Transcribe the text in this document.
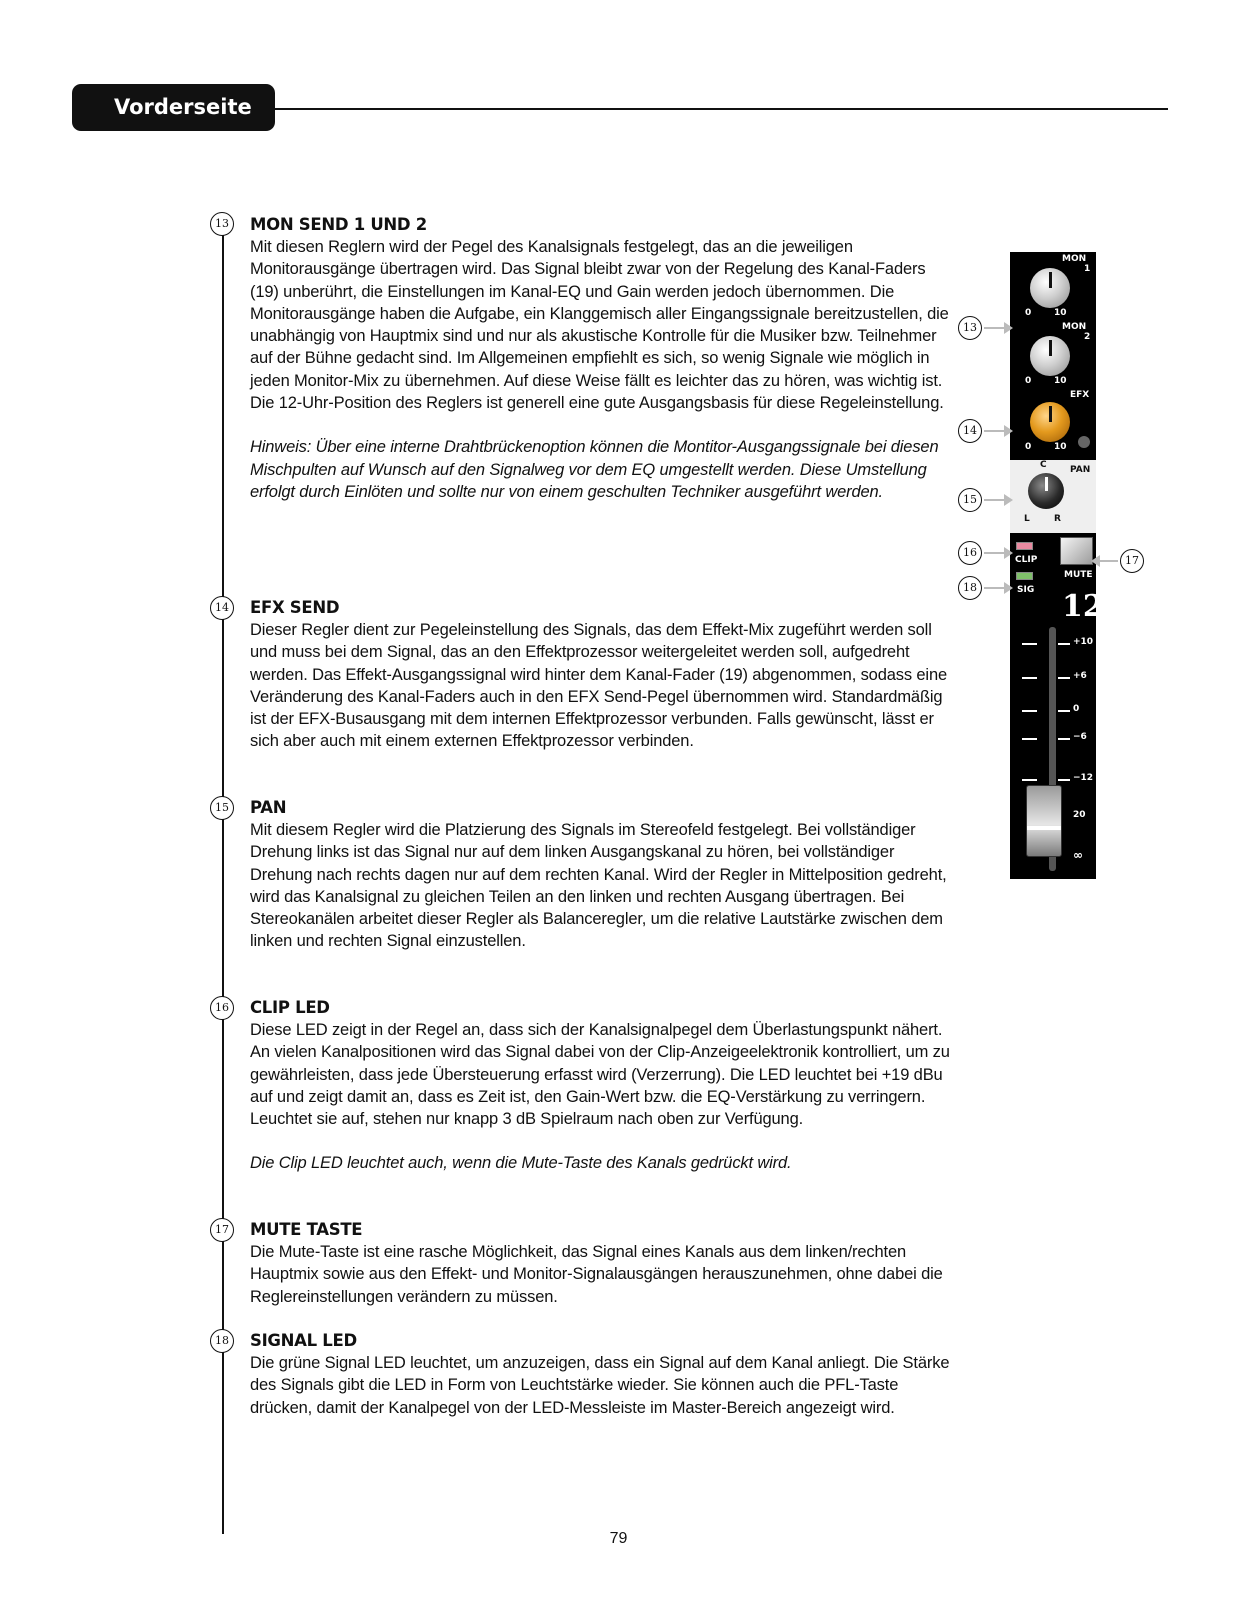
Vorderseite
13
14
15
16
17
18
MON SEND 1 UND 2

Mit diesen Reglern wird der Pegel des Kanalsignals festgelegt, das an die jeweiligen Monitorausgänge übertragen wird. Das Signal bleibt zwar von der Regelung des Kanal-Faders (19) unberührt, die Einstellungen im Kanal-EQ und Gain werden jedoch übernommen. Die Monitorausgänge haben die Aufgabe, ein Klanggemisch aller Eingangssignale bereitzustellen, die unabhängig von Hauptmix sind und nur als akustische Kontrolle für die Musiker bzw. Teilnehmer auf der Bühne gedacht sind. Im Allgemeinen empfiehlt es sich, so wenig Signale wie möglich in jeden Monitor-Mix zu übernehmen. Auf diese Weise fällt es leichter das zu hören, was wichtig ist. Die 12-Uhr-Position des Reglers ist generell eine gute Ausgangsbasis für diese Regeleinstellung.

Hinweis: Über eine interne Drahtbrückenoption können die Montitor-Ausgangssignale bei diesen Mischpulten auf Wunsch auf den Signalweg vor dem EQ umgestellt werden. Diese Umstellung erfolgt durch Einlöten und sollte nur von einem geschulten Techniker ausgeführt werden.

EFX SEND

Dieser Regler dient zur Pegeleinstellung des Signals, das dem Effekt-Mix zugeführt werden soll und muss bei dem Signal, das an den Effektprozessor weitergeleitet werden soll, aufgedreht werden. Das Effekt-Ausgangssignal wird hinter dem Kanal-Fader (19) abgenommen, sodass eine Veränderung des Kanal-Faders auch in den EFX Send-Pegel übernommen wird. Standardmäßig ist der EFX-Busausgang mit dem internen Effektprozessor verbunden. Falls gewünscht, lässt er sich aber auch mit einem externen Effektprozessor verbinden.

PAN

Mit diesem Regler wird die Platzierung des Signals im Stereofeld festgelegt. Bei vollständiger Drehung links ist das Signal nur auf dem linken Ausgangskanal zu hören, bei vollständiger Drehung nach rechts dagen nur auf dem rechten Kanal. Wird der Regler in Mittelposition gedreht, wird das Kanalsignal zu gleichen Teilen an den linken und rechten Ausgang übertragen. Bei Stereokanälen arbeitet dieser Regler als Balanceregler, um die relative Lautstärke zwischen dem linken und rechten Signal einzustellen.

CLIP LED

Diese LED zeigt in der Regel an, dass sich der Kanalsignalpegel dem Überlastungspunkt nähert. An vielen Kanalpositionen wird das Signal dabei von der Clip-Anzeigeelektronik kontrolliert, um zu gewährleisten, dass jede Übersteuerung erfasst wird (Verzerrung). Die LED leuchtet bei +19 dBu auf und zeigt damit an, dass es Zeit ist, den Gain-Wert bzw. die EQ-Verstärkung zu verringern. Leuchtet sie auf, stehen nur knapp 3 dB Spielraum nach oben zur Verfügung.

Die Clip LED leuchtet auch, wenn die Mute-Taste des Kanals gedrückt wird.

MUTE TASTE

Die Mute-Taste ist eine rasche Möglichkeit, das Signal eines Kanals aus dem linken/rechten Hauptmix sowie aus den Effekt- und Monitor-Signalausgängen herauszunehmen, ohne dabei die Reglereinstellungen verändern zu müssen.

SIGNAL LED

Die grüne Signal LED leuchtet, um anzuzeigen, dass ein Signal auf dem Kanal anliegt. Die Stärke des Signals gibt die LED in Form von Leuchtstärke wieder. Sie können auch die PFL-Taste drücken, damit der Kanalpegel von der LED-Messleiste im Master-Bereich angezeigt wird.

MON
1
0	10
MON
2
0	10
EFX
0	10
C	PAN
L	R
CLIP
SIG
MUTE
12
+10
+6
0
−6
−12
20
∞
13
14
15
16
18
17
79
